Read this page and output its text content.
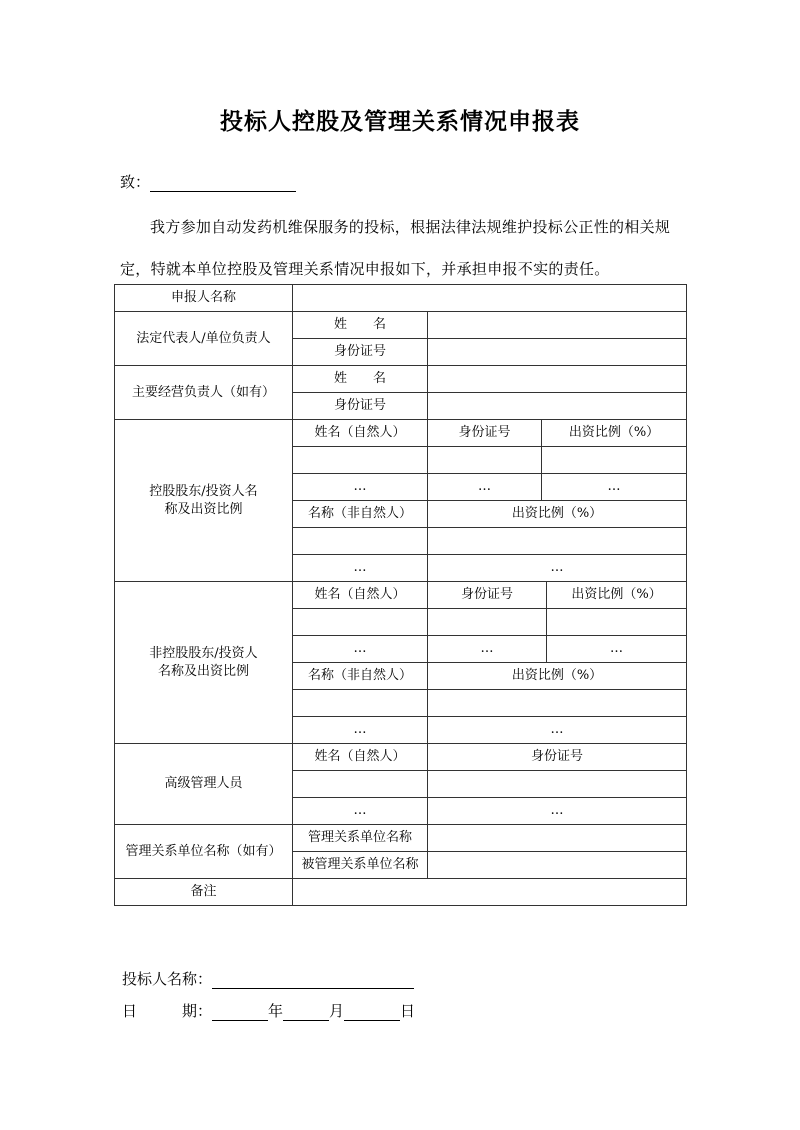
投标人控股及管理关系情况申报表
致：
我方参加自动发药机维保服务的投标，根据法律法规维护投标公正性的相关规定，特就本单位控股及管理关系情况申报如下，并承担申报不实的责任。
申报人名称				
法定代表人/单位负责人	姓　　名			
	身份证号			
主要经营负责人（如有）	姓　　名			
	身份证号			
控股股东/投资人名称及出资比例	姓名（自然人）	身份证号	出资比例（%）	

	…	…	…	
	名称（非自然人）	出资比例（%）		

	…	…		
非控股股东/投资人名称及出资比例	姓名（自然人）	身份证号		出资比例（%）

	…	…		…
	名称（非自然人）	出资比例（%）		

	…	…		
高级管理人员	姓名（自然人）	身份证号		

	…	…		
管理关系单位名称（如有）	管理关系单位名称			
	被管理关系单位名称			
备注				
投标人名称：
日　　　期：	年	月	日
